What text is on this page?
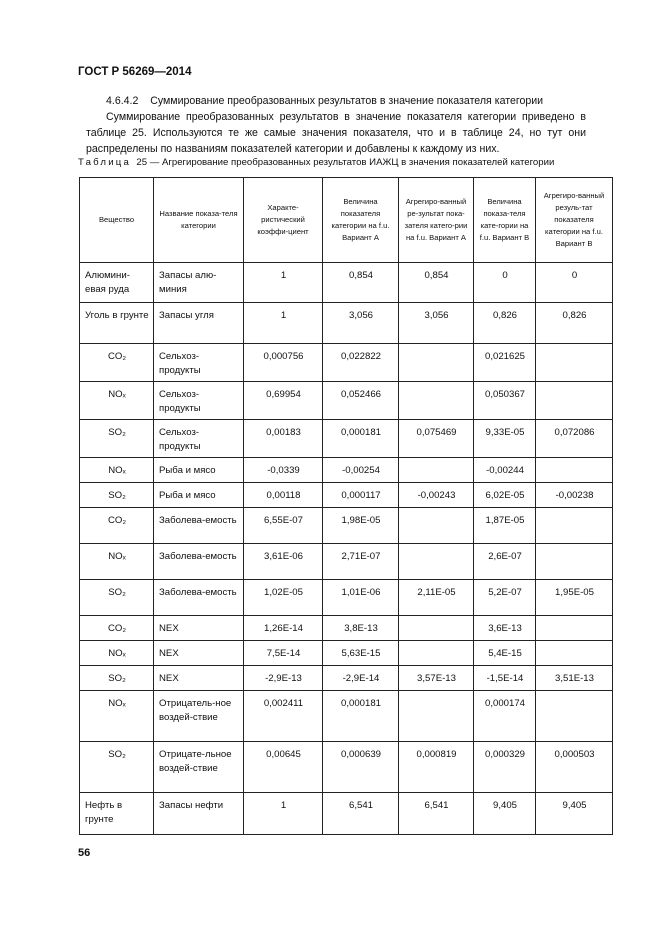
ГОСТ Р 56269—2014
4.6.4.2 Суммирование преобразованных результатов в значение показателя категории
Суммирование преобразованных результатов в значение показателя категории приведено в таблице 25. Используются те же самые значения показателя, что и в таблице 24, но тут они распределены по названиям показателей категории и добавлены к каждому из них.
Таблица 25 — Агрегирование преобразованных результатов ИАЖЦ в значения показателей категории
Вещество	Название показа-теля категории	Характе-ристический коэффи-циент	Величина показателя категории на f.u. Вариант А	Агрегиро-ванный ре-зультат пока-зателя катего-рии на f.u. Вариант А	Величина показа-теля кате-гории на f.u. Вариант В	Агрегиро-ванный резуль-тат показателя категории на f.u. Вариант В
Алюмини-евая руда	Запасы алю-миния	1	0,854	0,854	0	0
Уголь в грунте	Запасы угля	1	3,056	3,056	0,826	0,826
CO₂	Сельхоз-продукты	0,000756	0,022822		0,021625	
NOₓ	Сельхоз-продукты	0,69954	0,052466		0,050367	
SO₂	Сельхоз-продукты	0,00183	0,000181	0,075469	9,33E-05	0,072086
NOₓ	Рыба и мясо	-0,0339	-0,00254		-0,00244	
SO₂	Рыба и мясо	0,00118	0,000117	-0,00243	6,02E-05	-0,00238
CO₂	Заболева-емость	6,55E-07	1,98E-05		1,87E-05	
NOₓ	Заболева-емость	3,61E-06	2,71E-07		2,6E-07	
SO₂	Заболева-емость	1,02E-05	1,01E-06	2,11E-05	5,2E-07	1,95E-05
CO₂	NEX	1,26E-14	3,8E-13		3,6E-13	
NOₓ	NEX	7,5E-14	5,63E-15		5,4E-15	
SO₂	NEX	-2,9E-13	-2,9E-14	3,57E-13	-1,5E-14	3,51E-13
NOₓ	Отрицатель-ное воздей-ствие	0,002411	0,000181		0,000174	
SO₂	Отрицате-льное воздей-ствие	0,00645	0,000639	0,000819	0,000329	0,000503
Нефть в грунте	Запасы нефти	1	6,541	6,541	9,405	9,405
56
